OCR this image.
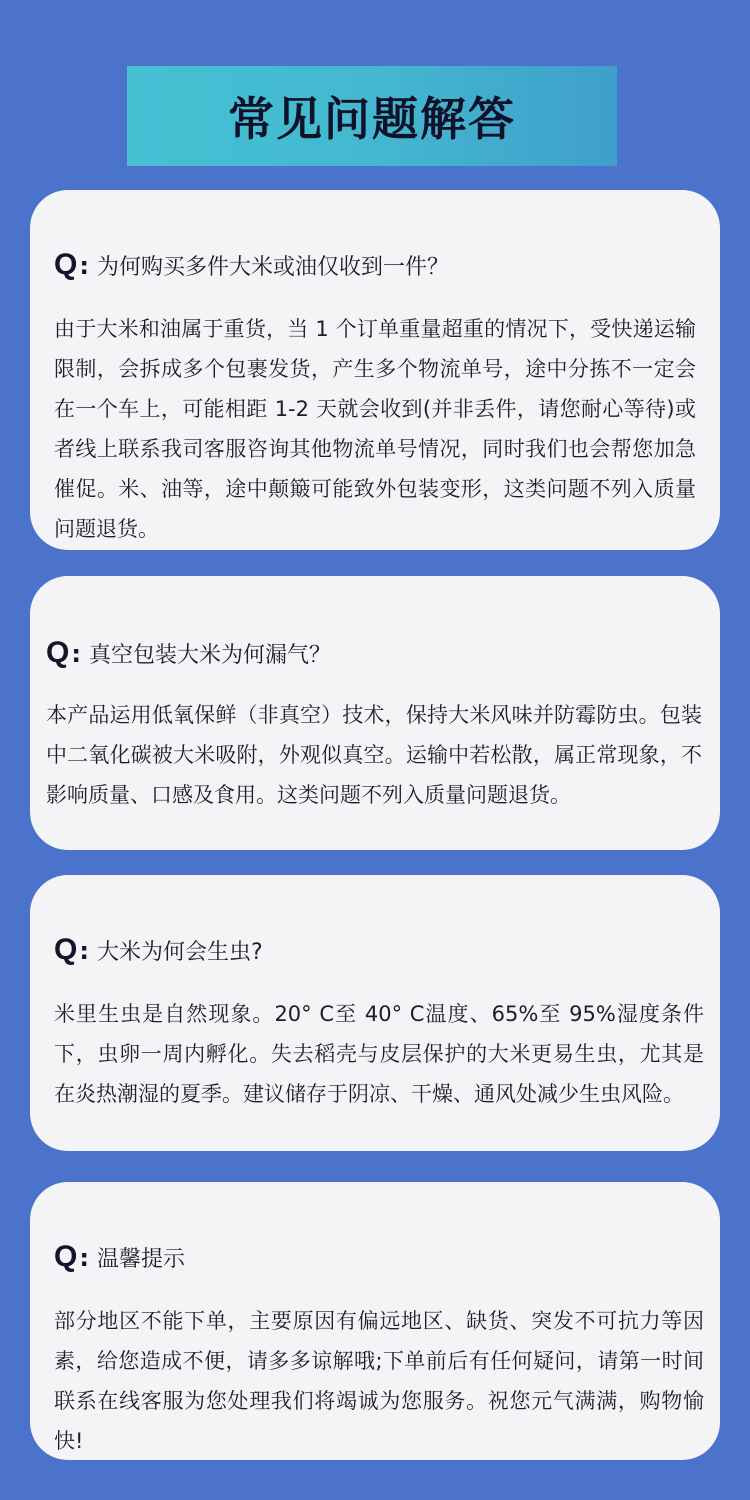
常见问题解答
Q : 为何购买多件大米或油仅收到一件？
由于大米和油属于重货，当 1 个订单重量超重的情况下，受快递运输限制，会拆成多个包裹发货，产生多个物流单号，途中分拣不一定会在一个车上，可能相距 1-2 天就会收到(并非丢件，请您耐心等待)或者线上联系我司客服咨询其他物流单号情况，同时我们也会帮您加急催促。米、油等，途中颠簸可能致外包装变形，这类问题不列入质量问题退货。
Q : 真空包装大米为何漏气？
本产品运用低氧保鲜（非真空）技术，保持大米风味并防霉防虫。包装中二氧化碳被大米吸附，外观似真空。运输中若松散，属正常现象，不影响质量、口感及食用。这类问题不列入质量问题退货。
Q : 大米为何会生虫?
米里生虫是自然现象。20° C至 40° C温度、65%至 95%湿度条件下，虫卵一周内孵化。失去稻壳与皮层保护的大米更易生虫，尤其是在炎热潮湿的夏季。建议储存于阴凉、干燥、通风处减少生虫风险。
Q : 温馨提示
部分地区不能下单，主要原因有偏远地区、缺货、突发不可抗力等因素，给您造成不便，请多多谅解哦;下单前后有任何疑问，请第一时间联系在线客服为您处理我们将竭诚为您服务。祝您元气满满，购物愉快!
